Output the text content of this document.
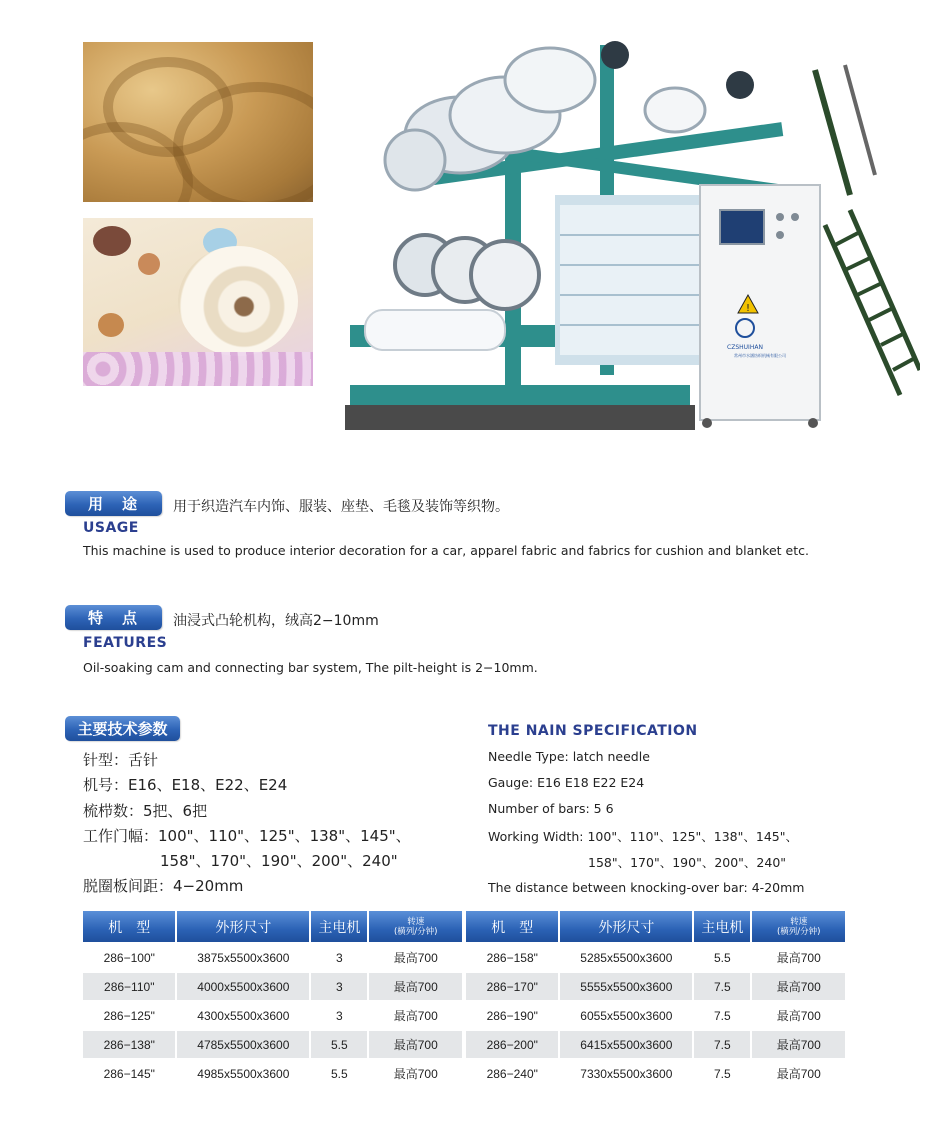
!
CZSHUIHAN
常州市水涵纺织机械有限公司
用　途	用于织造汽车内饰、服装、座垫、毛毯及装饰等织物。
USAGE
This machine is used to produce interior decoration for a car, apparel fabric and fabrics for cushion and blanket etc.
特　点	油浸式凸轮机构，绒高2−10mm
FEATURES
Oil-soaking cam and connecting bar system, The pilt-height is 2−10mm.
主要技术参数
针型：舌针
机号：E16、E18、E22、E24
梳栉数：5把、6把
工作门幅：100"、110"、125"、138"、145"、
158"、170"、190"、200"、240"
脱圈板间距：4−20mm
THE NAIN SPECIFICATION
Needle Type: latch needle
Gauge: E16 E18 E22 E24
Number of bars: 5 6
Working Width: 100"、110"、125"、138"、145"、
158"、170"、190"、200"、240"
The distance between knocking-over bar: 4-20mm
机　型	外形尺寸	主电机	转速
(横列/分钟)

286−100"	3875x5500x3600	3	最高700
286−110"	4000x5500x3600	3	最高700
286−125"	4300x5500x3600	3	最高700
286−138"	4785x5500x3600	5.5	最高700
286−145"	4985x5500x3600	5.5	最高700
机　型	外形尺寸	主电机	转速
(横列/分钟)

286−158"	5285x5500x3600	5.5	最高700
286−170"	5555x5500x3600	7.5	最高700
286−190"	6055x5500x3600	7.5	最高700
286−200"	6415x5500x3600	7.5	最高700
286−240"	7330x5500x3600	7.5	最高700
